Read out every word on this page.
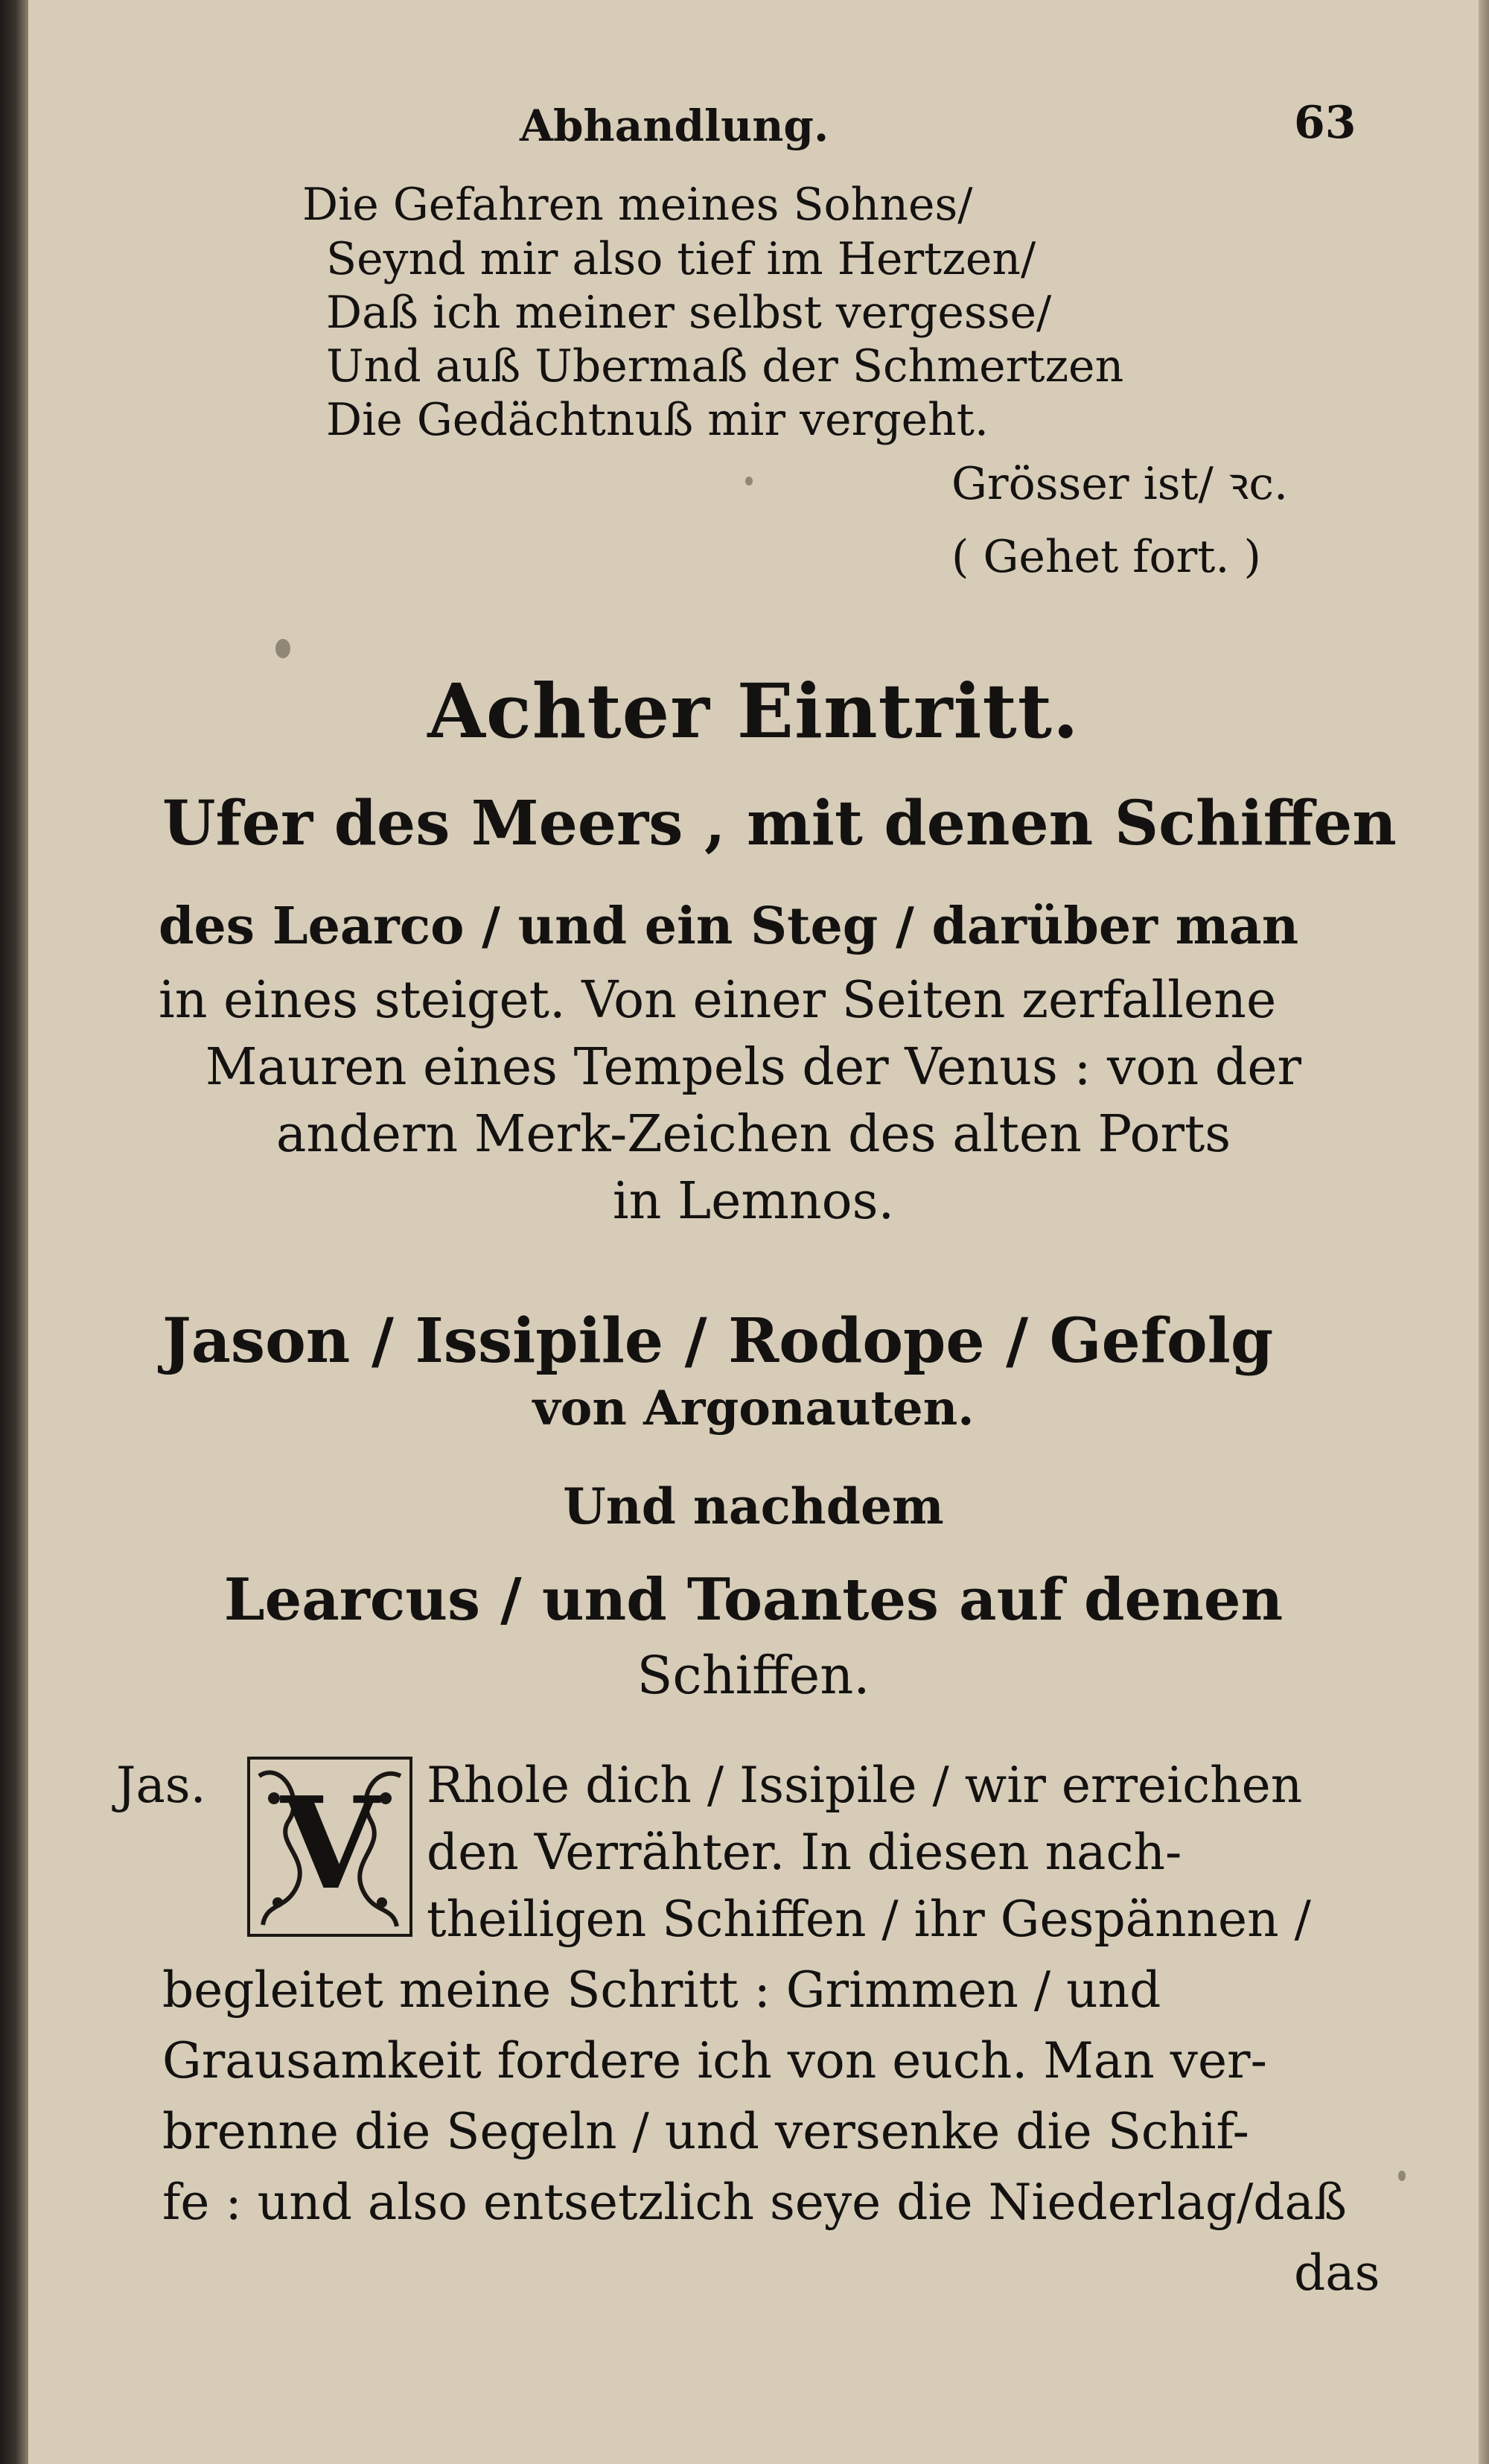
Abhandlung.	63
Die Gefahren meines Sohnes/
Seynd mir also tief im Hertzen/
Daß ich meiner selbst vergesse/
Und auß Ubermaß der Schmertzen
Die Gedächtnuß mir vergeht.
Grösser ist/ ꝛc.
( Gehet fort. )
Achter Eintritt.
Ufer des Meers , mit denen Schiffen
des Learco / und ein Steg / darüber man
in eines steiget. Von einer Seiten zerfallene
Mauren eines Tempels der Venus : von der
andern Merk-Zeichen des alten Ports
in Lemnos.
Jason / Issipile / Rodope / Gefolg
von Argonauten.
Und nachdem
Learcus / und Toantes auf denen
Schiffen.
Jas. V Rhole dich / Issipile / wir erreichen
den Verrähter. In diesen nach-
theiligen Schiffen / ihr Gespännen /
begleitet meine Schritt : Grimmen / und
Grausamkeit fordere ich von euch. Man ver-
brenne die Segeln / und versenke die Schif-
fe : und also entsetzlich seye die Niederlag/daß
das
